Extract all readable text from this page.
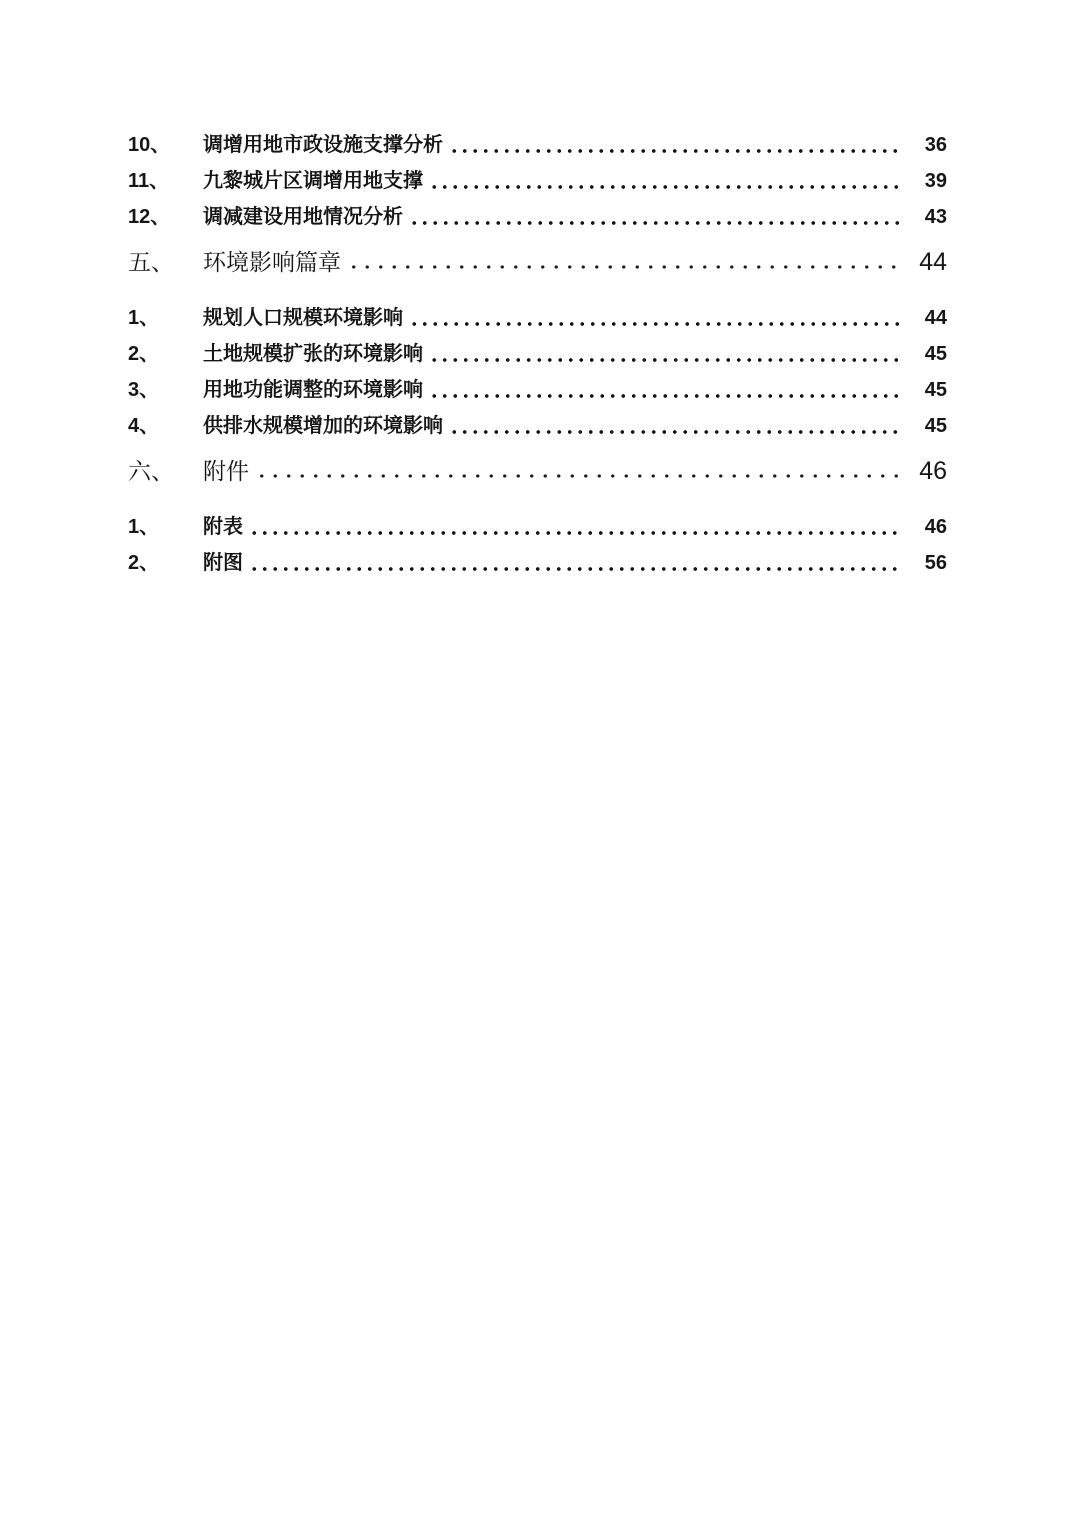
10、	调增用地市政设施支撑分析	36
11、	九黎城片区调增用地支撑	39
12、	调减建设用地情况分析	43
五、	环境影响篇章	44
1、	规划人口规模环境影响	44
2、	土地规模扩张的环境影响	45
3、	用地功能调整的环境影响	45
4、	供排水规模增加的环境影响	45
六、	附件	46
1、	附表	46
2、	附图	56
